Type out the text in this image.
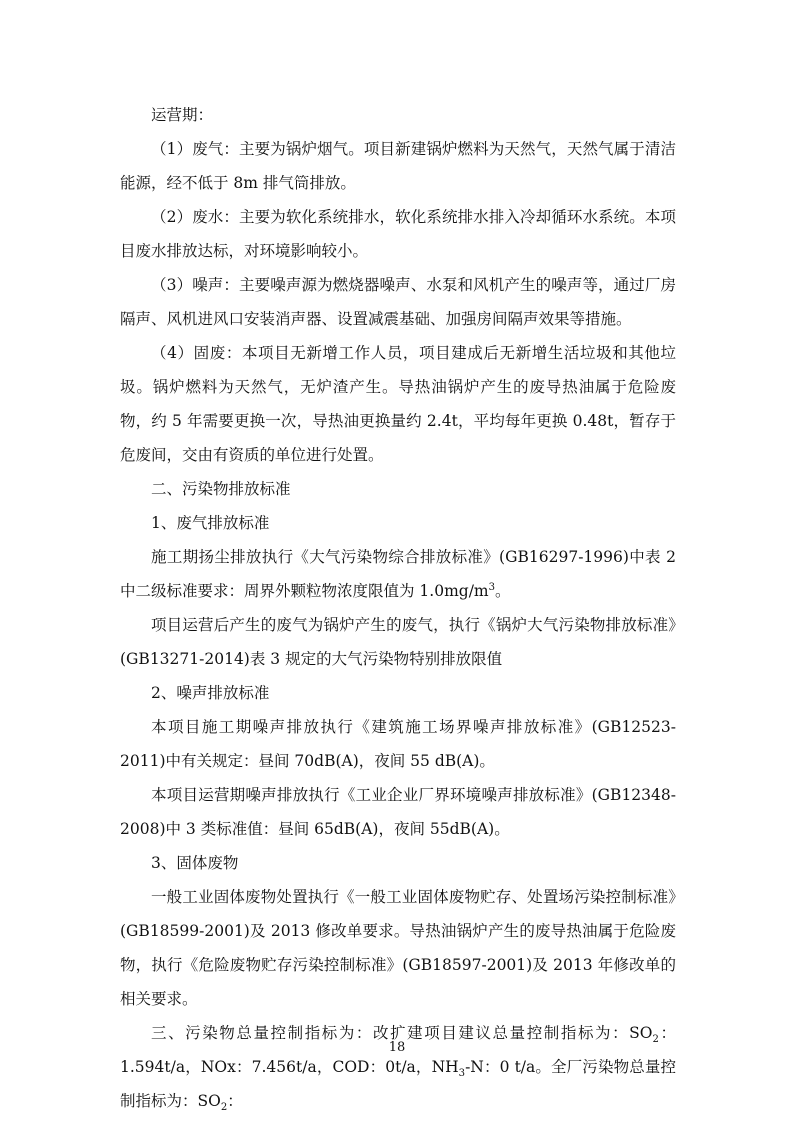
运营期：

（1）废气：主要为锅炉烟气。项目新建锅炉燃料为天然气，天然气属于清洁能源，经不低于 8m 排气筒排放。

（2）废水：主要为软化系统排水，软化系统排水排入冷却循环水系统。本项目废水排放达标，对环境影响较小。

（3）噪声：主要噪声源为燃烧器噪声、水泵和风机产生的噪声等，通过厂房隔声、风机进风口安装消声器、设置减震基础、加强房间隔声效果等措施。

（4）固废：本项目无新增工作人员，项目建成后无新增生活垃圾和其他垃圾。锅炉燃料为天然气，无炉渣产生。导热油锅炉产生的废导热油属于危险废物，约 5 年需要更换一次，导热油更换量约 2.4t，平均每年更换 0.48t，暂存于危废间，交由有资质的单位进行处置。

二、污染物排放标准

1、废气排放标准

施工期扬尘排放执行《大气污染物综合排放标准》(GB16297-1996)中表 2 中二级标准要求：周界外颗粒物浓度限值为 $1.0mg/m^3$。

项目运营后产生的废气为锅炉产生的废气，执行《锅炉大气污染物排放标准》(GB13271-2014)表 3 规定的大气污染物特别排放限值

2、噪声排放标准

本项目施工期噪声排放执行《建筑施工场界噪声排放标准》(GB12523-2011)中有关规定：昼间 70dB(A)，夜间 55 dB(A)。

本项目运营期噪声排放执行《工业企业厂界环境噪声排放标准》(GB12348-2008)中 3 类标准值：昼间 65dB(A)，夜间 55dB(A)。

3、固体废物

一般工业固体废物处置执行《一般工业固体废物贮存、处置场污染控制标准》(GB18599-2001)及 2013 修改单要求。导热油锅炉产生的废导热油属于危险废物，执行《危险废物贮存污染控制标准》(GB18597-2001)及 2013 年修改单的相关要求。

三、污染物总量控制指标为：改扩建项目建议总量控制指标为：$SO_2$：1.594t/a，NOx：7.456t/a，COD：0t/a，$NH_3-N$：0 t/a。全厂污染物总量控制指标为：$SO_2$：

18
